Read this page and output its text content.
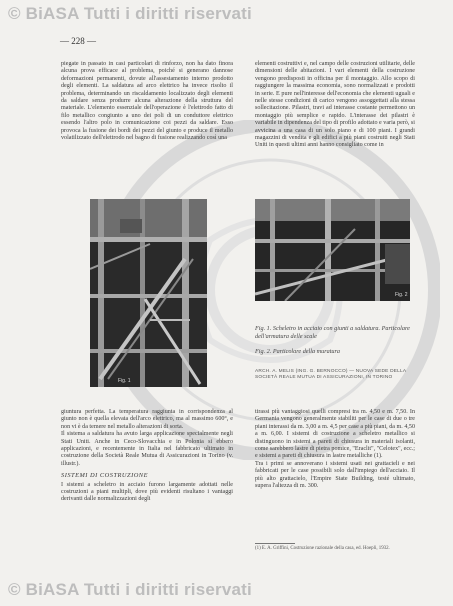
© BiASA Tutti i diritti riservati
— 228 —

piegate in passato in casi particolari di rinforzo, non ha dato finora alcuna prova efficace al problema, poiché si generano dannose deformazioni permanenti, dovute all'assestamento interno prodotto degli elementi. La saldatura ad arco elettrico ha invece risolto il problema, determinando un riscaldamento localizzato degli elementi da saldare senza produrre alcuna alterazione della struttura del materiale. L'elemento essenziale dell'operazione è l'elettrodo fatto di filo metallico congiunto a uno dei poli di un conduttore elettrico essendo l'altro polo in comunicazione coi pezzi da saldare. Esso provoca la fusione dei bordi dei pezzi del giunto e produce il metallo volatilizzato dell'elettrodo nel bagno di fusione realizzando così una

elementi costruttivi e, nel campo delle costruzioni utilitarie, delle dimensioni delle abitazioni. I vari elementi della costruzione vengono predisposti in officina per il montaggio. Allo scopo di raggiungere la massima economia, sono normalizzati e prodotti in serie. E pure nell'interesse dell'economia che elementi uguali e nelle stesse condizioni di carico vengono assoggettati alla stessa sollecitazione. Pilastri, travi ad interasse costante permettono un montaggio più semplice e rapido. L'interasse dei pilastri è variabile in dipendenza del tipo di profilo adottato e varia però, si avvicina a una casa di un solo piano e di 100 piani. I grandi magazzini di vendita e gli edifici a più piani costruiti negli Stati Uniti in questi ultimi anni hanno consigliato come in

Fig. 1
Fig. 2
Fig. 1. Scheletro in acciaio con giunti a saldatura. Particolare dell'armatura delle scale
Fig. 2. Particolare della muratura
ARCH. A. MELIS (ING. G. BERNOCCO) — NUOVA SEDE DELLA SOCIETÀ REALE MUTUA DI ASSICURAZIONI, IN TORINO

giuntura perfetta. La temperatura raggiunta in corrispondenza al giunto non è quella elevata dell'arco elettrico, ma al massimo 600°, e non vi è da temere nel metallo alterazioni di sorta.

Il sistema a saldatura ha avuto larga applicazione specialmente negli Stati Uniti. Anche in Ceco-Slovacchia e in Polonia si ebbero applicazioni, e recentemente in Italia nel fabbricato ultimato in costruzione della Società Reale Mutua di Assicurazioni in Torino (v. illustr.).

SISTEMI DI COSTRUZIONE

I sistemi a scheletro in acciaio furono largamente adottati nelle costruzioni a piani multipli, dove più evidenti risultano i vantaggi derivanti dalle normalizzazioni degli

tirassi più vantaggiosi quelli compresi tra m. 4,50 e m. 7,50. In Germania vengono generalmente stabiliti per le case di due o tre piani interassi da m. 3,00 a m. 4,5 per case a più piani, da m. 4,50 a m. 6,00. I sistemi di costruzione a scheletro metallico si distinguono in sistemi a pareti di chiusura in materiali isolanti, come sarebbero lastre di pietra pomice, "Eraclit", "Celotex", ecc.; e sistemi a pareti di chiusura in lastre metalliche (1).

Tra i primi se annoverano i sistemi usati nei grattacieli e nei fabbricati per le case possibili solo dall'impiego dell'acciaio. Il più alto grattacielo, l'Empire State Building, testé ultimato, supera l'altezza di m. 300.

(1) E. A. Griffini, Costruzione razionale della casa, ed. Hoepli, 1932.
© BiASA Tutti i diritti riservati
